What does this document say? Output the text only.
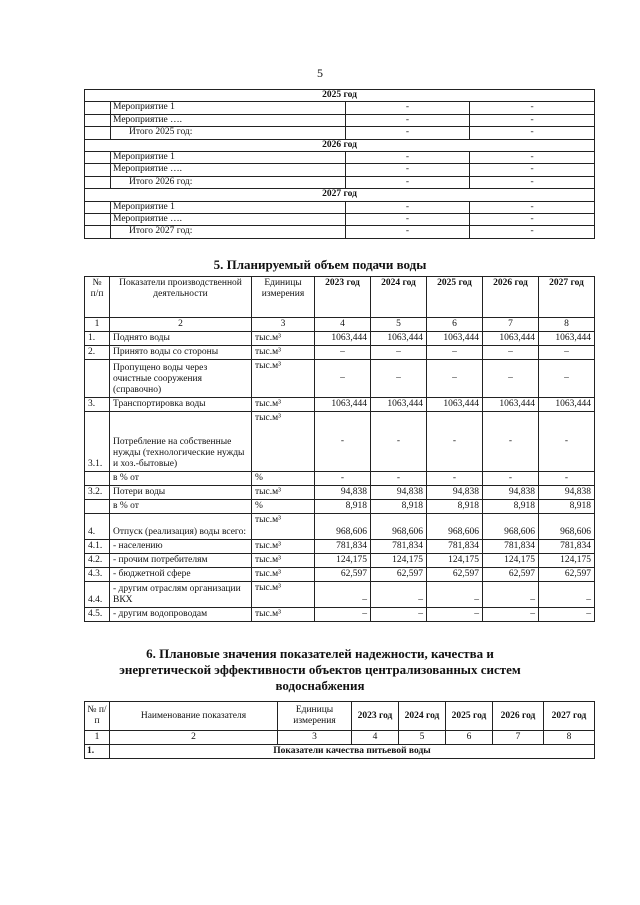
5
2025 год			
	Мероприятие 1	-	-
	Мероприятие ….	-	-
	Итого 2025 год:	-	-
2026 год			
	Мероприятие 1	-	-
	Мероприятие ….	-	-
	Итого 2026 год:	-	-
2027 год			
	Мероприятие 1	-	-
	Мероприятие ….	-	-
	Итого 2027 год:	-	-
5. Планируемый объем подачи воды
№ п/п	Показатели производственной деятельности	Единицы измерения	2023 год	2024 год	2025 год	2026 год	2027 год
1	2	3	4	5	6	7	8
1.	Поднято воды	тыс.м³	1063,444	1063,444	1063,444	1063,444	1063,444
2.	Принято воды со стороны	тыс.м³	–	–	–	–	–
	Пропущено воды через очистные сооружения (справочно)	тыс.м³	–	–	–	–	–
3.	Транспортировка воды	тыс.м³	1063,444	1063,444	1063,444	1063,444	1063,444
3.1.	Потребление на собственные нужды (технологические нужды и хоз.-бытовые)	тыс.м³	-	-	-	-	-
	в % от	%	-	-	-	-	-
3.2.	Потери воды	тыс.м³	94,838	94,838	94,838	94,838	94,838
	в % от	%	8,918	8,918	8,918	8,918	8,918
4.	Отпуск (реализация) воды всего:	тыс.м³	968,606	968,606	968,606	968,606	968,606
4.1.	- населению	тыс.м³	781,834	781,834	781,834	781,834	781,834
4.2.	- прочим потребителям	тыс.м³	124,175	124,175	124,175	124,175	124,175
4.3.	- бюджетной сфере	тыс.м³	62,597	62,597	62,597	62,597	62,597
4.4.	- другим отраслям организации ВКХ	тыс.м³	–	–	–	–	–
4.5.	- другим водопроводам	тыс.м³	–	–	–	–	–
6. Плановые значения показателей надежности, качества и
энергетической эффективности объектов централизованных систем
водоснабжения
№ п/п	Наименование показателя	Единицы измерения	2023 год	2024 год	2025 год	2026 год	2027 год
1	2	3	4	5	6	7	8
1.	Показатели качества питьевой воды						
